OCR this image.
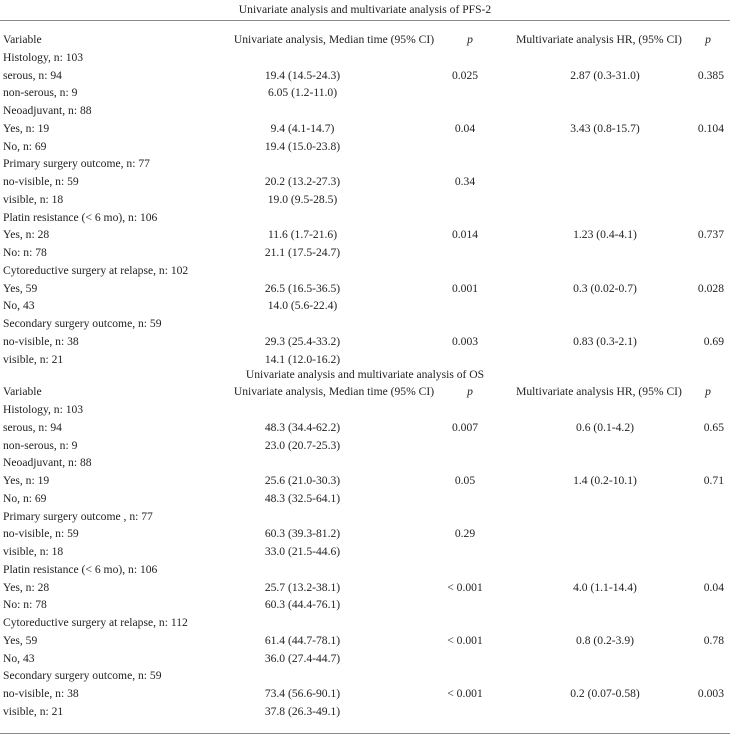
Univariate analysis and multivariate analysis of PFS-2
Variable	Univariate analysis, Median time (95% CI)	p	Multivariate analysis HR, (95% CI)	p
Histology, n: 103
serous, n: 94	19.4 (14.5-24.3)	0.025	2.87 (0.3-31.0)	0.385
non-serous, n: 9	6.05 (1.2-11.0)
Neoadjuvant, n: 88
Yes, n: 19	9.4 (4.1-14.7)	0.04	3.43 (0.8-15.7)	0.104
No, n: 69	19.4 (15.0-23.8)
Primary surgery outcome, n: 77
no-visible, n: 59	20.2 (13.2-27.3)	0.34
visible, n: 18	19.0 (9.5-28.5)
Platin resistance (< 6 mo), n: 106
Yes, n: 28	11.6 (1.7-21.6)	0.014	1.23 (0.4-4.1)	0.737
No: n: 78	21.1 (17.5-24.7)
Cytoreductive surgery at relapse, n: 102
Yes, 59	26.5 (16.5-36.5)	0.001	0.3 (0.02-0.7)	0.028
No, 43	14.0 (5.6-22.4)
Secondary surgery outcome, n: 59
no-visible, n: 38	29.3 (25.4-33.2)	0.003	0.83 (0.3-2.1)	0.69
visible, n: 21	14.1 (12.0-16.2)
Univariate analysis and multivariate analysis of OS
Variable	Univariate analysis, Median time (95% CI)	p	Multivariate analysis HR, (95% CI)	p
Histology, n: 103
serous, n: 94	48.3 (34.4-62.2)	0.007	0.6 (0.1-4.2)	0.65
non-serous, n: 9	23.0 (20.7-25.3)
Neoadjuvant, n: 88
Yes, n: 19	25.6 (21.0-30.3)	0.05	1.4 (0.2-10.1)	0.71
No, n: 69	48.3 (32.5-64.1)
Primary surgery outcome , n: 77
no-visible, n: 59	60.3 (39.3-81.2)	0.29
visible, n: 18	33.0 (21.5-44.6)
Platin resistance (< 6 mo), n: 106
Yes, n: 28	25.7 (13.2-38.1)	< 0.001	4.0 (1.1-14.4)	0.04
No: n: 78	60.3 (44.4-76.1)
Cytoreductive surgery at relapse, n: 112
Yes, 59	61.4 (44.7-78.1)	< 0.001	0.8 (0.2-3.9)	0.78
No, 43	36.0 (27.4-44.7)
Secondary surgery outcome, n: 59
no-visible, n: 38	73.4 (56.6-90.1)	< 0.001	0.2 (0.07-0.58)	0.003
visible, n: 21	37.8 (26.3-49.1)
